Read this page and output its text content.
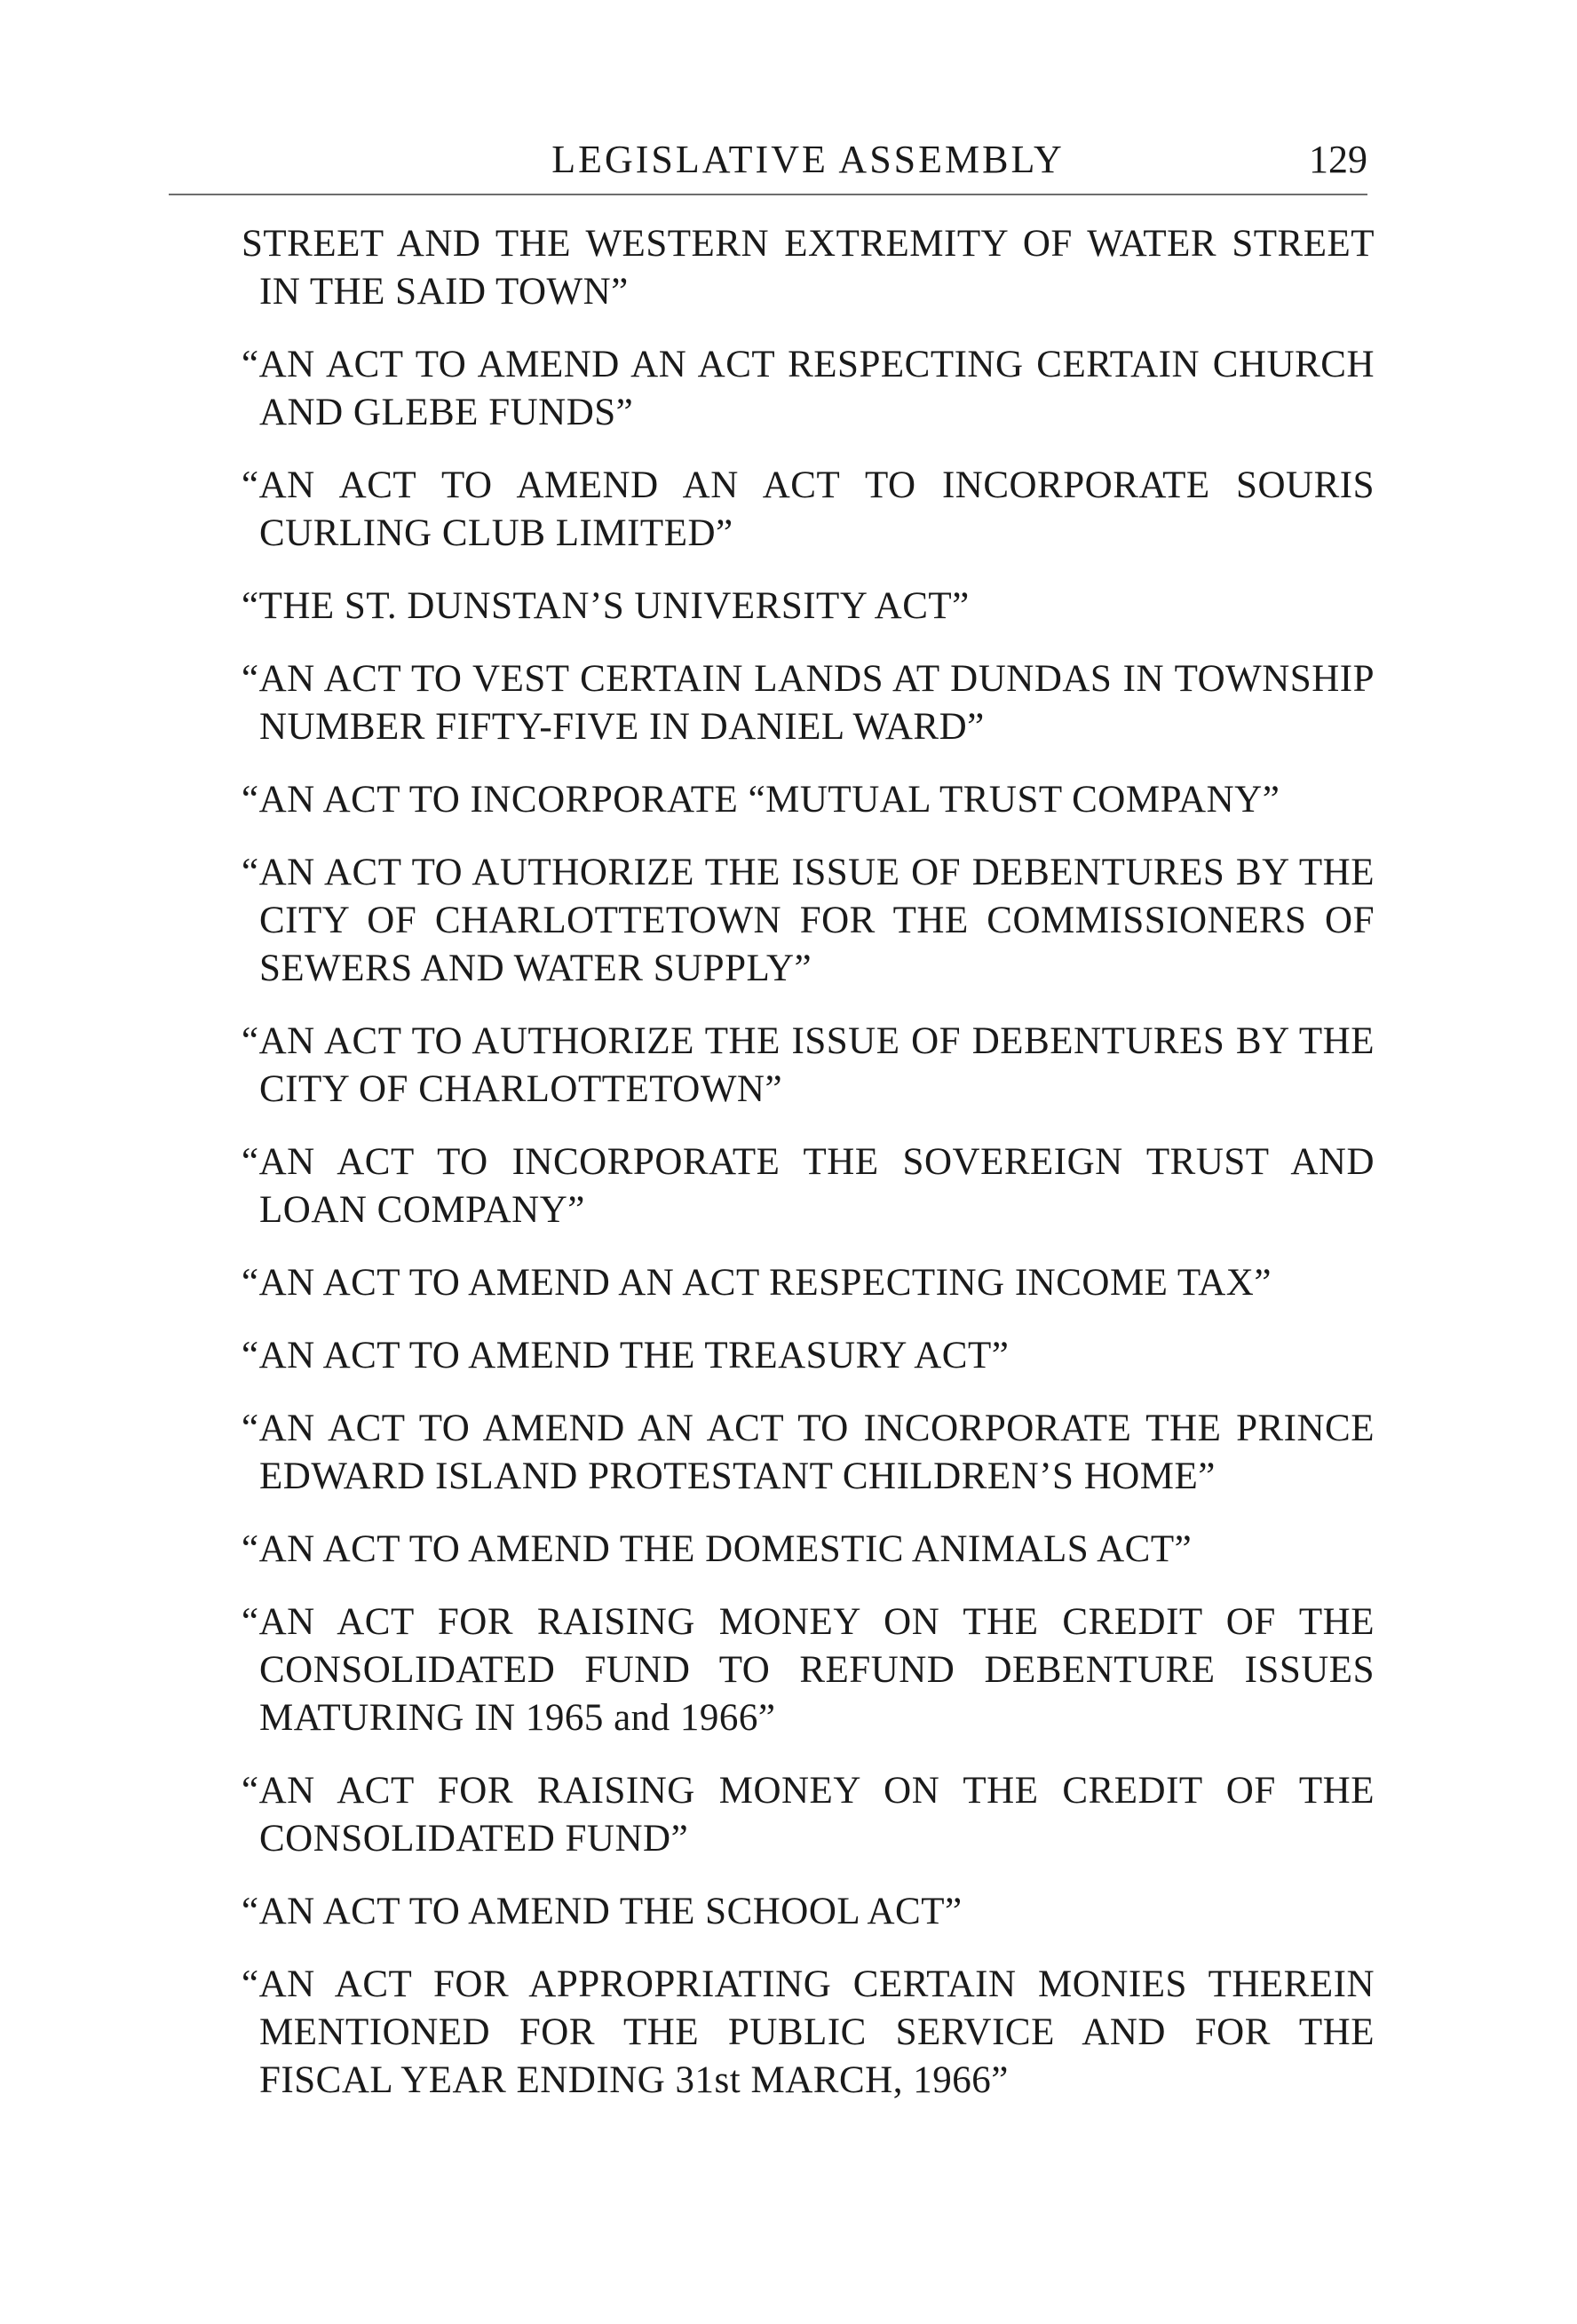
LEGISLATIVE ASSEMBLY	129

STREET AND THE WESTERN EXTREMITY OF WATER STREET IN THE SAID TOWN”

“AN ACT TO AMEND AN ACT RESPECTING CERTAIN CHURCH AND GLEBE FUNDS”

“AN ACT TO AMEND AN ACT TO INCORPORATE SOURIS CURLING CLUB LIMITED”

“THE ST. DUNSTAN’S UNIVERSITY ACT”

“AN ACT TO VEST CERTAIN LANDS AT DUNDAS IN TOWNSHIP NUMBER FIFTY-FIVE IN DANIEL WARD”

“AN ACT TO INCORPORATE “MUTUAL TRUST COMPANY”

“AN ACT TO AUTHORIZE THE ISSUE OF DEBENTURES BY THE CITY OF CHARLOTTETOWN FOR THE COMMISSIONERS OF SEWERS AND WATER SUPPLY”

“AN ACT TO AUTHORIZE THE ISSUE OF DEBENTURES BY THE CITY OF CHARLOTTETOWN”

“AN ACT TO INCORPORATE THE SOVEREIGN TRUST AND LOAN COMPANY”

“AN ACT TO AMEND AN ACT RESPECTING INCOME TAX”

“AN ACT TO AMEND THE TREASURY ACT”

“AN ACT TO AMEND AN ACT TO INCORPORATE THE PRINCE EDWARD ISLAND PROTESTANT CHILDREN’S HOME”

“AN ACT TO AMEND THE DOMESTIC ANIMALS ACT”

“AN ACT FOR RAISING MONEY ON THE CREDIT OF THE CONSOLIDATED FUND TO REFUND DEBENTURE ISSUES MATURING IN 1965 and 1966”

“AN ACT FOR RAISING MONEY ON THE CREDIT OF THE CONSOLIDATED FUND”

“AN ACT TO AMEND THE SCHOOL ACT”

“AN ACT FOR APPROPRIATING CERTAIN MONIES THEREIN MENTIONED FOR THE PUBLIC SERVICE AND FOR THE FISCAL YEAR ENDING 31st MARCH, 1966”
